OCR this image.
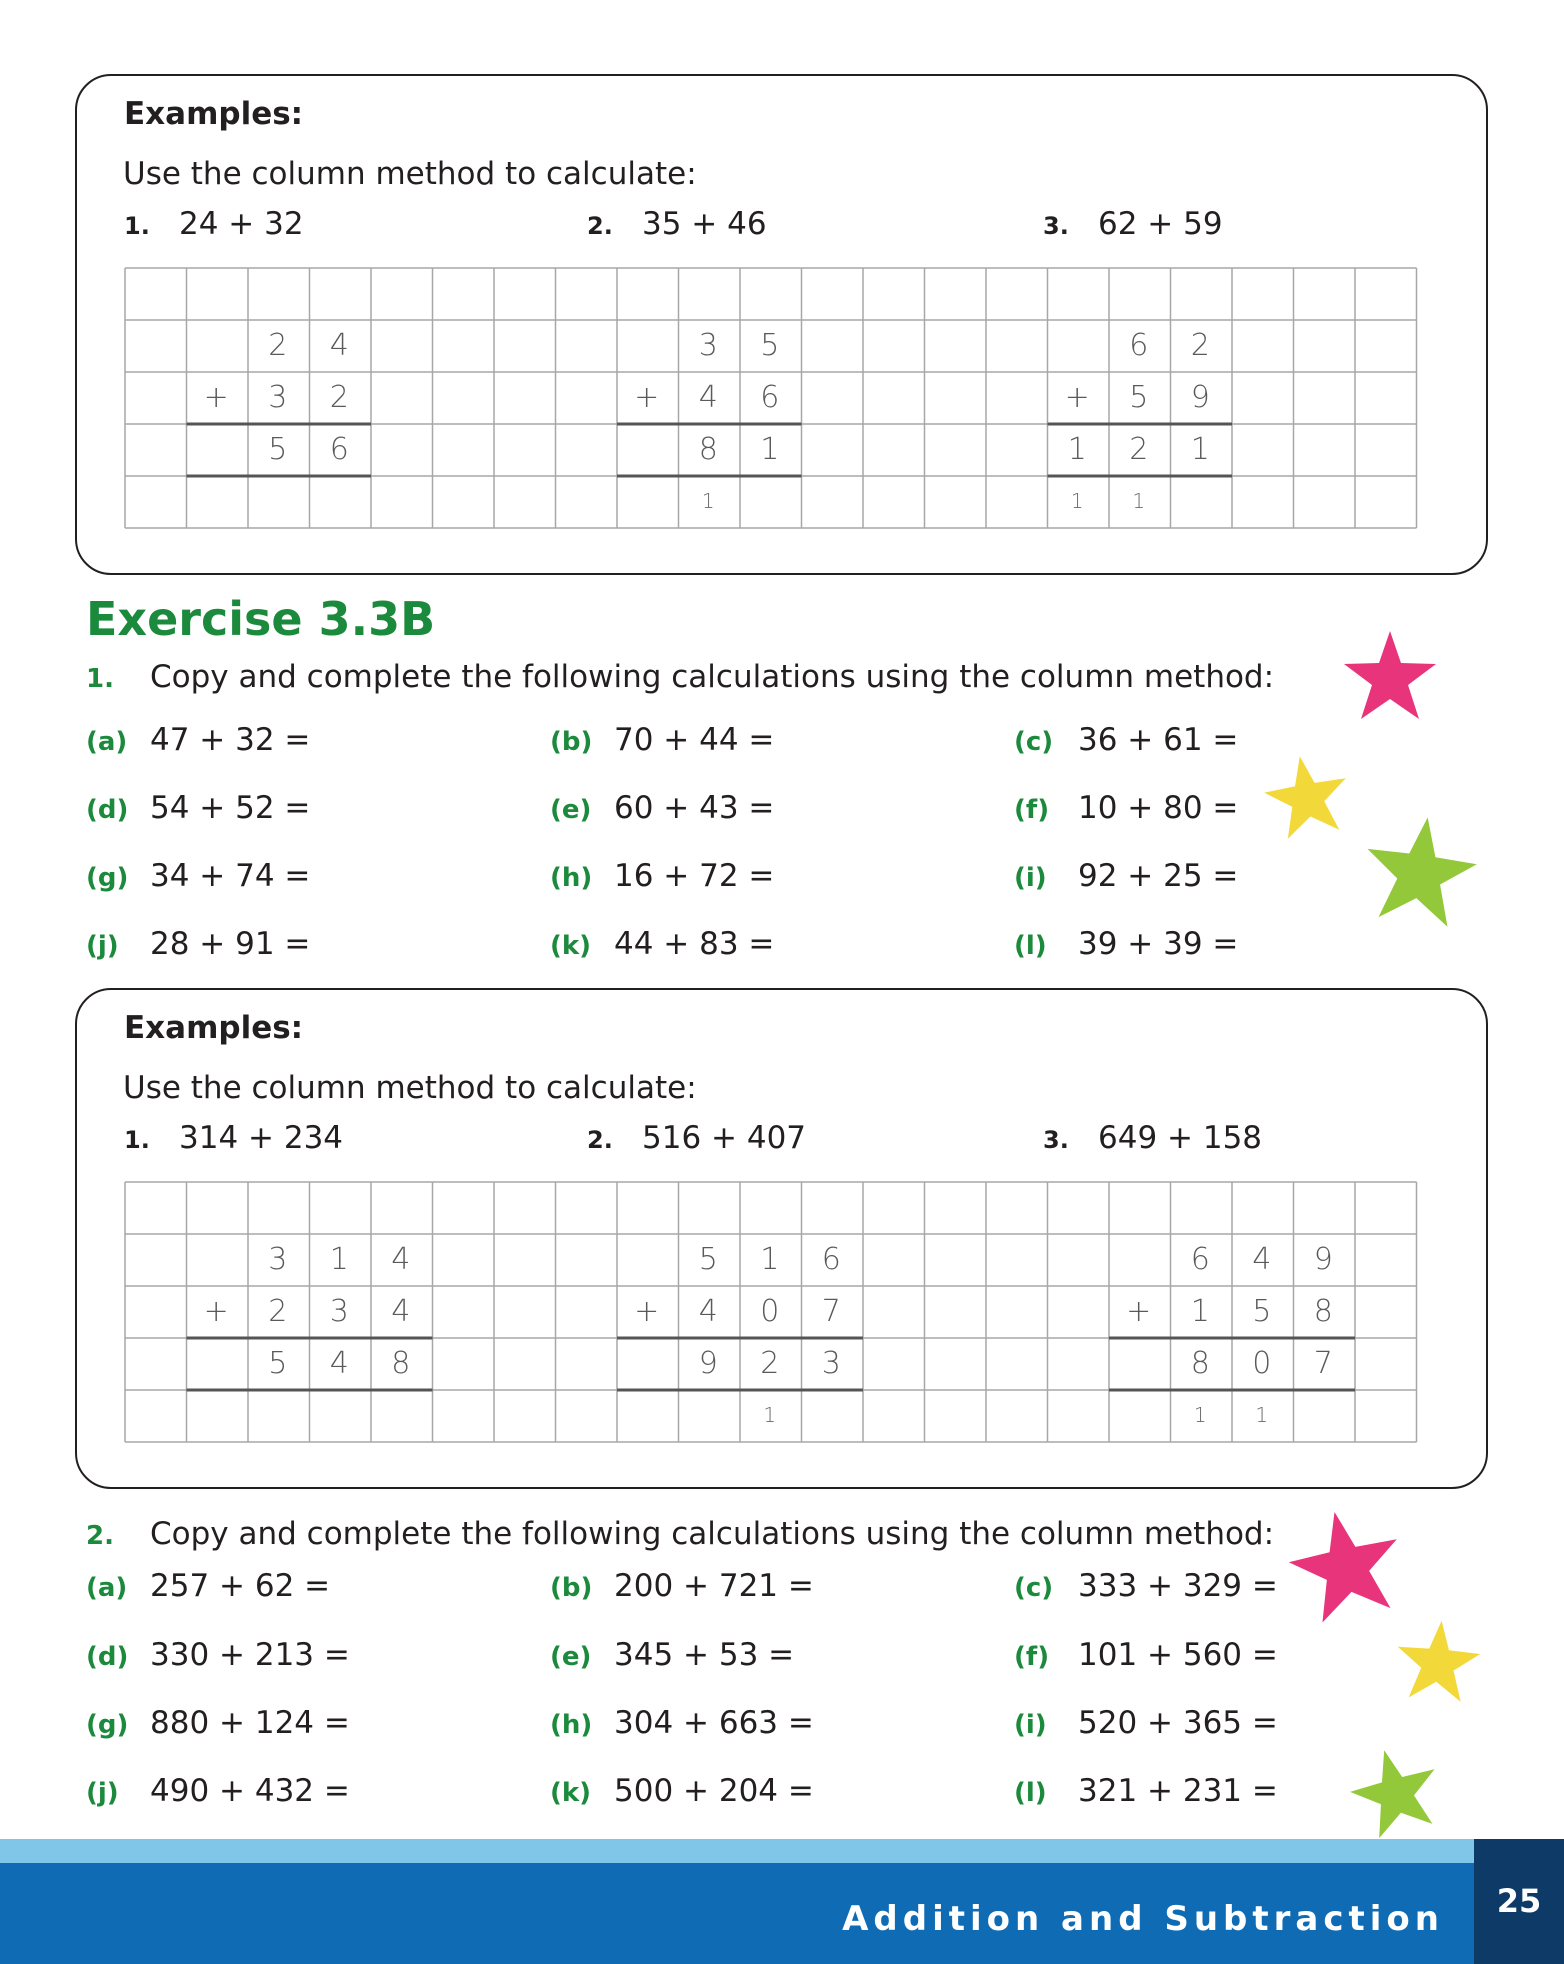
Examples:
Use the column method to calculate:
1. 24 + 32	2. 35 + 46	3. 62 + 59
2	4
+	3	2
5	6
3	5
+	4	6
8	1
1
6	2
+	5	9
1	2	1
1	1
Exercise 3.3B
1. Copy and complete the following calculations using the column method:
(a) 47 + 32 =	(b) 70 + 44 =	(c) 36 + 61 =
(d) 54 + 52 =	(e) 60 + 43 =	(f) 10 + 80 =
(g) 34 + 74 =	(h) 16 + 72 =	(i) 92 + 25 =
(j) 28 + 91 =	(k) 44 + 83 =	(l) 39 + 39 =
Examples:
Use the column method to calculate:
1. 314 + 234	2. 516 + 407	3. 649 + 158
3	1	4
+	2	3	4
5	4	8
5	1	6
+	4	0	7
9	2	3
1
6	4	9
+	1	5	8
8	0	7
1	1
2. Copy and complete the following calculations using the column method:
(a) 257 + 62 =	(b) 200 + 721 =	(c) 333 + 329 =
(d) 330 + 213 =	(e) 345 + 53 =	(f) 101 + 560 =
(g) 880 + 124 =	(h) 304 + 663 =	(i) 520 + 365 =
(j) 490 + 432 =	(k) 500 + 204 =	(l) 321 + 231 =
Addition and Subtraction	25
